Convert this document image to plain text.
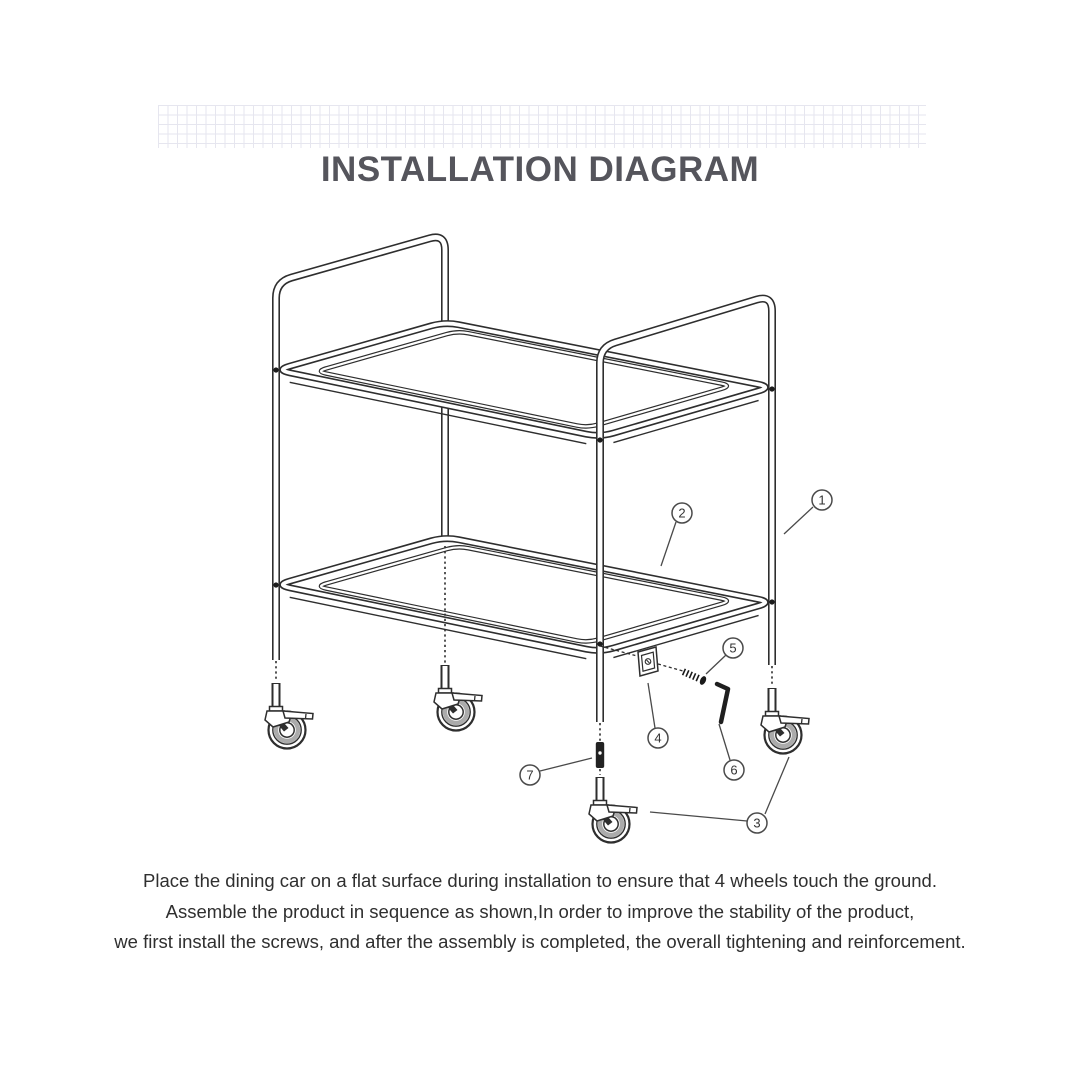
INSTALLATION DIAGRAM
1
2
3
4
5
6
7
Place the dining car on a flat surface during installation to ensure that 4 wheels touch the ground.
Assemble the product in sequence as shown,In order to improve the stability of the product,
we first install the screws, and after the assembly is completed, the overall tightening and reinforcement.
